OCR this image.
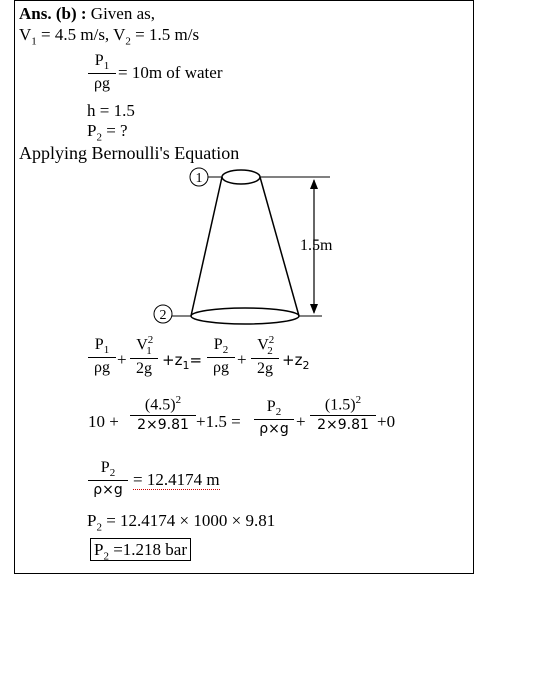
Ans. (b) : Given as,
$V_1 = 4.5$ m/s, $V_2 = 1.5$ m/s
$P_1$
ρg
= 10m of water
h = 1.5
$P_2$ = ?
Applying Bernoulli's Equation
1
2
1.5m
$P_1$
ρg +
$V^2_1$
$2g +z_1=$
$P_2$
ρg +
$V^2_2$
$2g +z_2$
10 +
$(4.5)^2$
2×9.81 +1.5 =
$P_2$
ρ×g +
$(1.5)^2$
2×9.81 +0
$P_2$
ρ×g
= 12.4174 m
$P_2 = 12.4174 \times 1000 \times 9.81$
$P_2 =1.218$ bar
